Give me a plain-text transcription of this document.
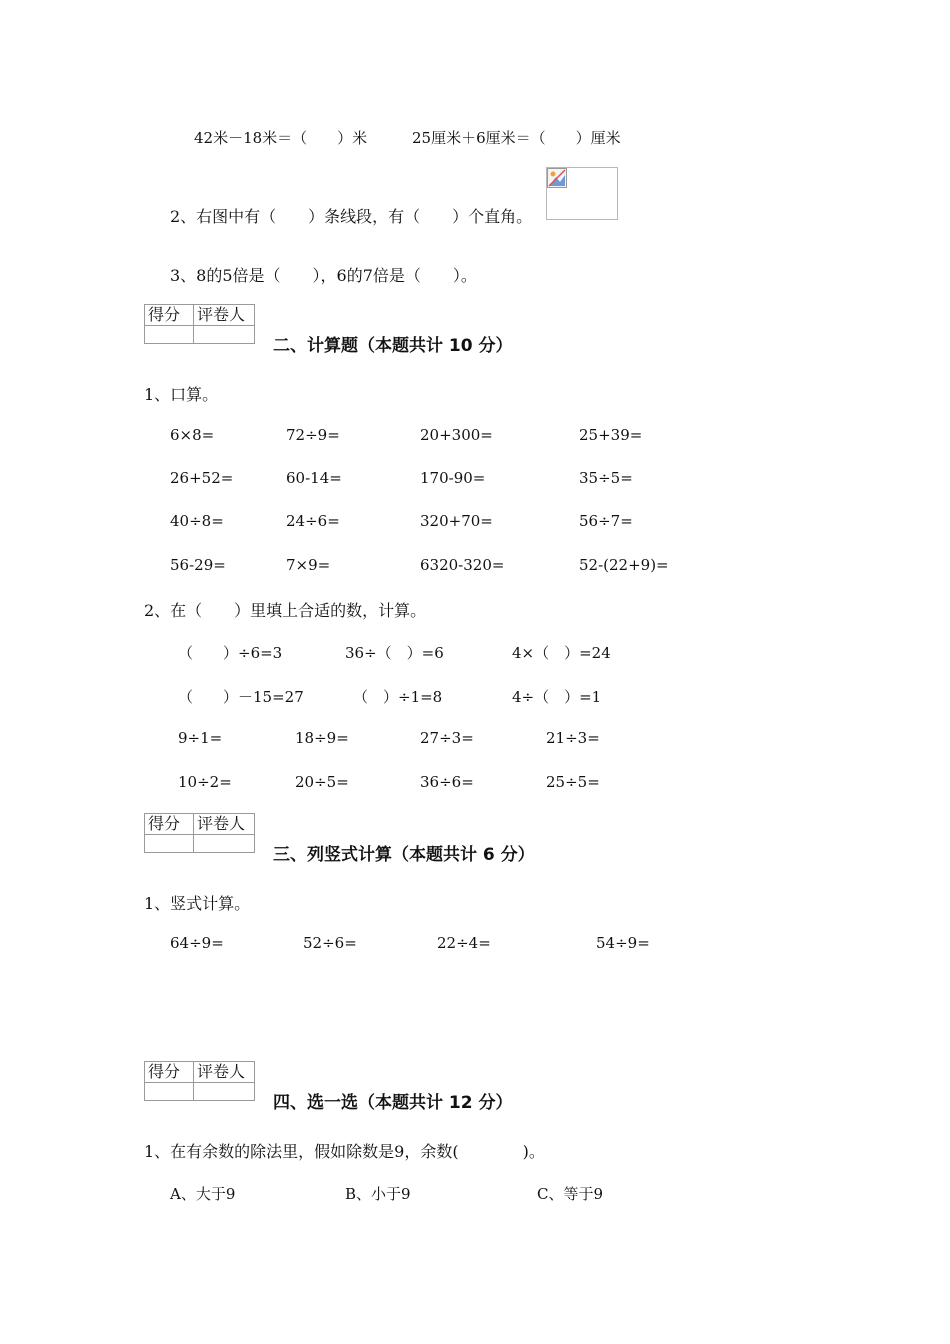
42米－18米＝（　　）米	25厘米＋6厘米＝（　　）厘米
2、右图中有（　　）条线段，有（　　）个直角。
3、8的5倍是（　　），6的7倍是（　　）。
得分	评卷人

二、计算题（本题共计 10 分）
1、口算。
6×8=	72÷9=	20+300=	25+39=
26+52=	60-14=	170-90=	35÷5=
40÷8=	24÷6=	320+70=	56÷7=
56-29=	7×9=	6320-320=	52-(22+9)=
2、在（　　）里填上合适的数，计算。
（　　）÷6=3	36÷（　）=6	4×（　）=24
（　　）－15=27	（　）÷1=8	4÷（　）=1
9÷1=	18÷9=	27÷3=	21÷3=
10÷2=	20÷5=	36÷6=	25÷5=
得分	评卷人

三、列竖式计算（本题共计 6 分）
1、竖式计算。
64÷9=	52÷6=	22÷4=	54÷9=
得分	评卷人

四、选一选（本题共计 12 分）
1、在有余数的除法里，假如除数是9，余数(　　　　)。
A、大于9	B、小于9	C、等于9
